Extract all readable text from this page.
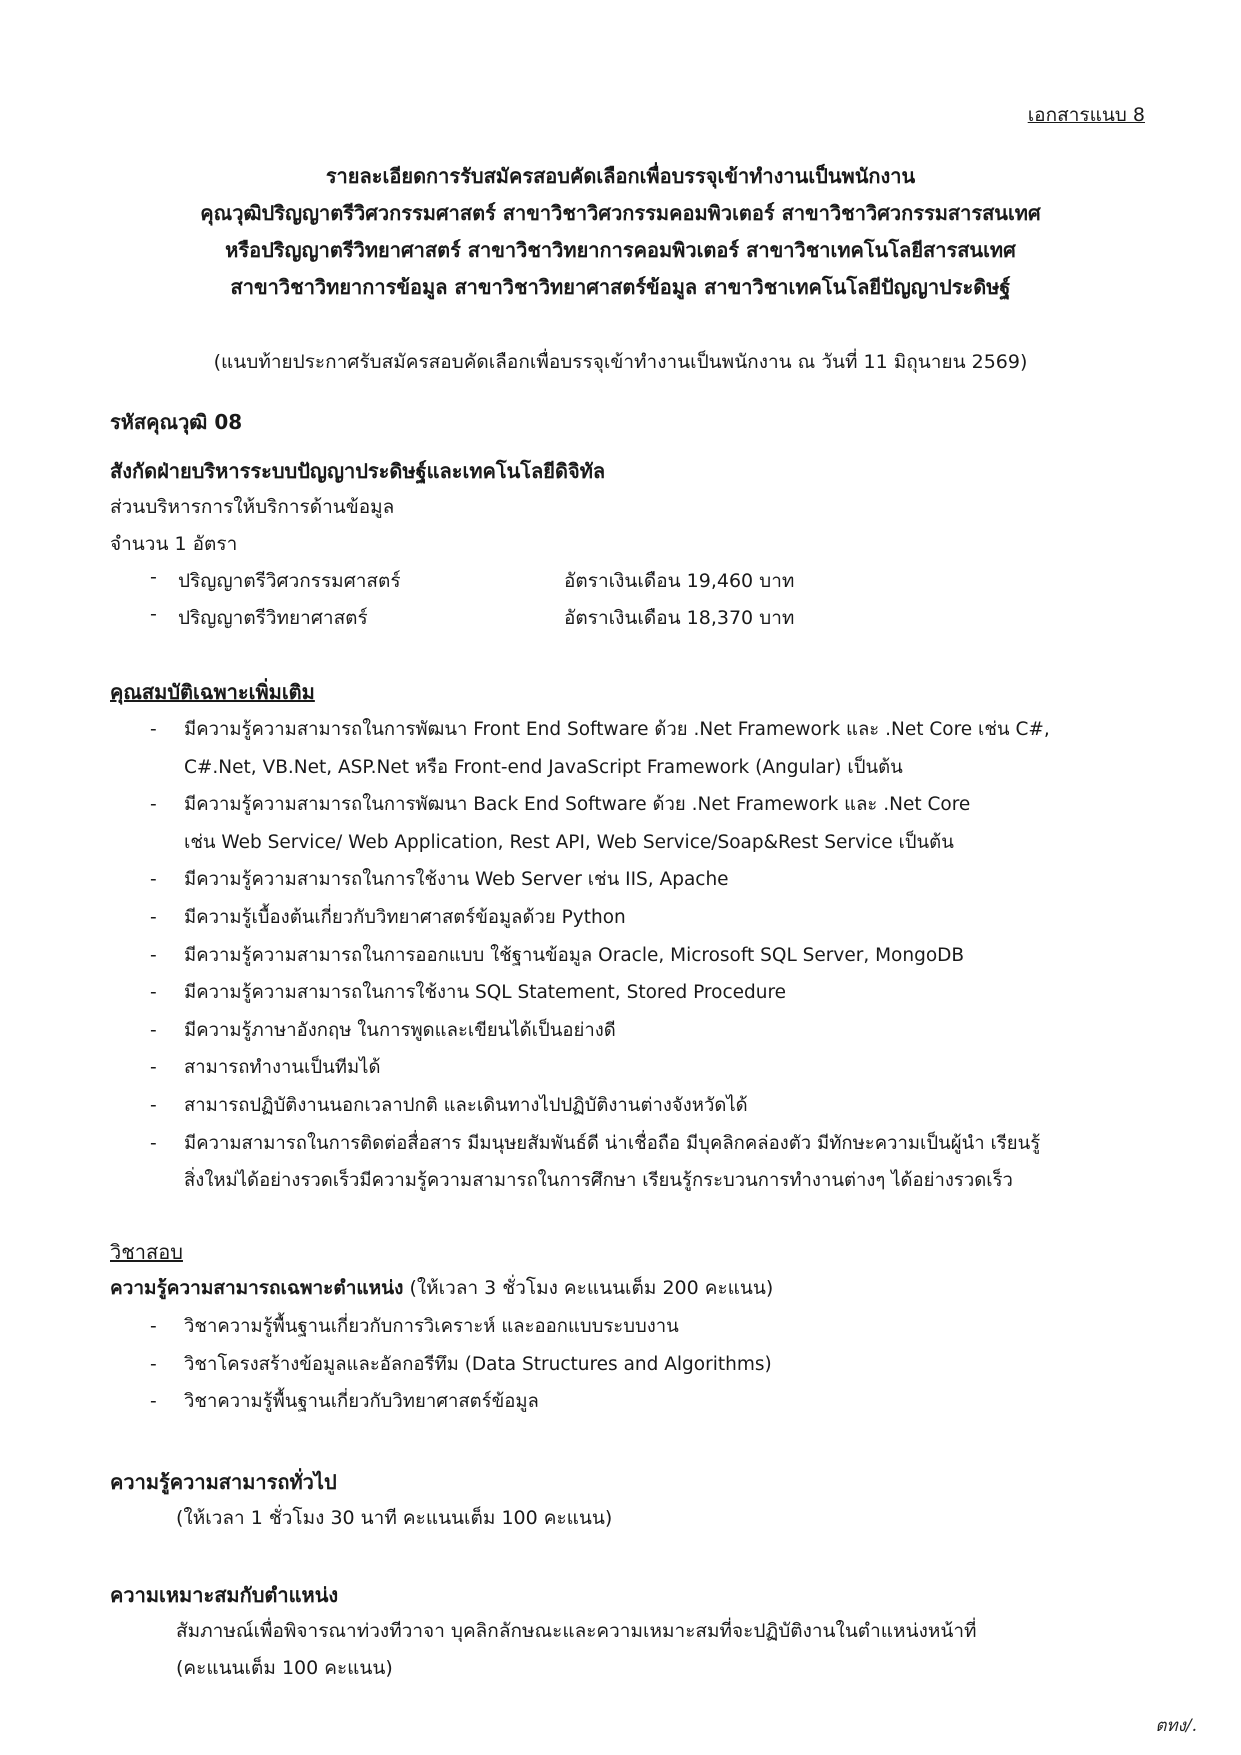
เอกสารแนบ 8
รายละเอียดการรับสมัครสอบคัดเลือกเพื่อบรรจุเข้าทำงานเป็นพนักงาน
คุณวุฒิปริญญาตรีวิศวกรรมศาสตร์ สาขาวิชาวิศวกรรมคอมพิวเตอร์ สาขาวิชาวิศวกรรมสารสนเทศ
หรือปริญญาตรีวิทยาศาสตร์ สาขาวิชาวิทยาการคอมพิวเตอร์ สาขาวิชาเทคโนโลยีสารสนเทศ
สาขาวิชาวิทยาการข้อมูล สาขาวิชาวิทยาศาสตร์ข้อมูล สาขาวิชาเทคโนโลยีปัญญาประดิษฐ์
(แนบท้ายประกาศรับสมัครสอบคัดเลือกเพื่อบรรจุเข้าทำงานเป็นพนักงาน ณ วันที่ 11 มิถุนายน 2569)
รหัสคุณวุฒิ 08
สังกัดฝ่ายบริหารระบบปัญญาประดิษฐ์และเทคโนโลยีดิจิทัล
ส่วนบริหารการให้บริการด้านข้อมูล
จำนวน 1 อัตรา
- ปริญญาตรีวิศวกรรมศาสตร์	อัตราเงินเดือน 19,460 บาท
- ปริญญาตรีวิทยาศาสตร์	อัตราเงินเดือน 18,370 บาท
คุณสมบัติเฉพาะเพิ่มเติม
- มีความรู้ความสามารถในการพัฒนา Front End Software ด้วย .Net Framework และ .Net Core เช่น C#,
C#.Net, VB.Net, ASP.Net หรือ Front-end JavaScript Framework (Angular) เป็นต้น
- มีความรู้ความสามารถในการพัฒนา Back End Software ด้วย .Net Framework และ .Net Core
เช่น Web Service/ Web Application, Rest API, Web Service/Soap&Rest Service เป็นต้น
- มีความรู้ความสามารถในการใช้งาน Web Server เช่น IIS, Apache
- มีความรู้เบื้องต้นเกี่ยวกับวิทยาศาสตร์ข้อมูลด้วย Python
- มีความรู้ความสามารถในการออกแบบ ใช้ฐานข้อมูล Oracle, Microsoft SQL Server, MongoDB
- มีความรู้ความสามารถในการใช้งาน SQL Statement, Stored Procedure
- มีความรู้ภาษาอังกฤษ ในการพูดและเขียนได้เป็นอย่างดี
- สามารถทำงานเป็นทีมได้
- สามารถปฏิบัติงานนอกเวลาปกติ และเดินทางไปปฏิบัติงานต่างจังหวัดได้
- มีความสามารถในการติดต่อสื่อสาร มีมนุษยสัมพันธ์ดี น่าเชื่อถือ มีบุคลิกคล่องตัว มีทักษะความเป็นผู้นำ เรียนรู้
สิ่งใหม่ได้อย่างรวดเร็วมีความรู้ความสามารถในการศึกษา เรียนรู้กระบวนการทำงานต่างๆ ได้อย่างรวดเร็ว
วิชาสอบ
ความรู้ความสามารถเฉพาะตำแหน่ง (ให้เวลา 3 ชั่วโมง คะแนนเต็ม 200 คะแนน)
- วิชาความรู้พื้นฐานเกี่ยวกับการวิเคราะห์ และออกแบบระบบงาน
- วิชาโครงสร้างข้อมูลและอัลกอรีทึม (Data Structures and Algorithms)
- วิชาความรู้พื้นฐานเกี่ยวกับวิทยาศาสตร์ข้อมูล
ความรู้ความสามารถทั่วไป
(ให้เวลา 1 ชั่วโมง 30 นาที คะแนนเต็ม 100 คะแนน)
ความเหมาะสมกับตำแหน่ง
สัมภาษณ์เพื่อพิจารณาท่วงทีวาจา บุคลิกลักษณะและความเหมาะสมที่จะปฏิบัติงานในตำแหน่งหน้าที่
(คะแนนเต็ม 100 คะแนน)
ตทง/.
